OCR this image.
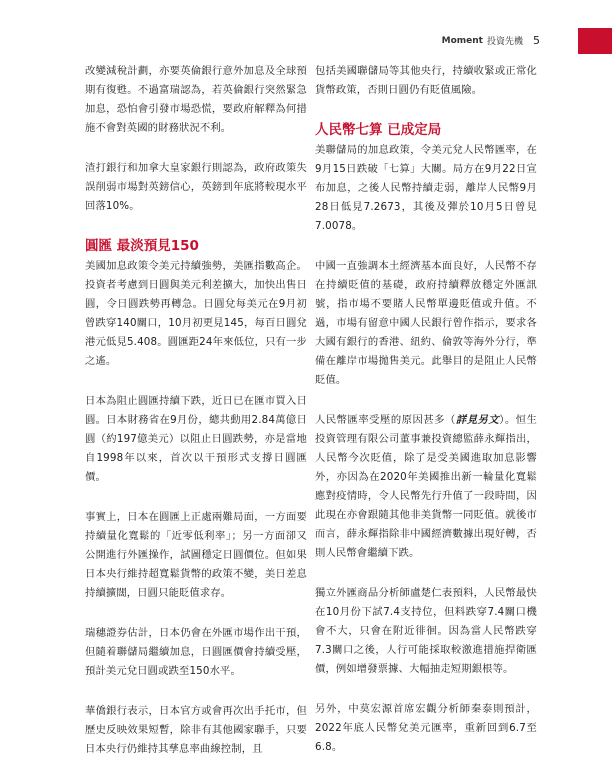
Moment 投資先機 5

改變減稅計劃，亦要英倫銀行意外加息及全球預期有復甦。不過富瑞認為，若英倫銀行突然緊急加息，恐怕會引發市場恐慌，要政府解釋為何措施不會對英國的財務狀況不利。

渣打銀行和加拿大皇家銀行則認為，政府政策失誤削弱市場對英鎊信心，英鎊到年底將較現水平回落10%。

圓匯 最淡預見150

美國加息政策令美元持續強勢，美匯指數高企。投資者考慮到日圓與美元利差擴大，加快出售日圓，令日圓跌勢再轉急。日圓兌每美元在9月初曾跌穿140關口，10月初更見145，每百日圓兌港元低見5.408。圓匯距24年來低位，只有一步之遙。

日本為阻止圓匯持續下跌，近日已在匯市買入日圓。日本財務省在9月份，總共動用2.84萬億日圓（約197億美元）以阻止日圓跌勢，亦是當地自1998年以來，首次以干預形式支撐日圓匯價。

事實上，日本在圓匯上正處兩難局面，一方面要持續量化寬鬆的「近零低利率」；另一方面卻又公開進行外匯操作，試圖穩定日圓價位。但如果日本央行維持超寬鬆貨幣的政策不變，美日差息持續擴闊，日圓只能貶值求存。

瑞穗證券估計，日本仍會在外匯市場作出干預，但隨着聯儲局繼續加息，日圓匯價會持續受壓，預計美元兌日圓或跌至150水平。

華僑銀行表示，日本官方或會再次出手托市，但歷史反映效果短暫，除非有其他國家聯手，只要日本央行仍維持其孳息率曲線控制，且

包括美國聯儲局等其他央行，持續收緊或正常化貨幣政策，否則日圓仍有貶值風險。

人民幣七算 已成定局

美聯儲局的加息政策，令美元兌人民幣匯率，在9月15日跌破「七算」大關。局方在9月22日宣布加息，之後人民幣持續走弱，離岸人民幣9月28日低見7.2673，其後及彈於10月5日曾見7.0078。

中國一直強調本土經濟基本面良好，人民幣不存在持續貶值的基礎，政府持續釋放穩定外匯訊號，指市場不要賭人民幣單邊貶值或升值。不過，市場有留意中國人民銀行曾作指示，要求各大國有銀行的香港、紐約、倫敦等海外分行，準備在離岸市場拋售美元。此舉目的是阻止人民幣貶值。

人民幣匯率受壓的原因甚多（詳見另文）。恒生投資管理有限公司董事兼投資總監薛永輝指出，人民幣今次貶值，除了是受美國進取加息影響外，亦因為在2020年美國推出新一輪量化寬鬆應對疫情時，令人民幣先行升值了一段時間，因此現在亦會跟隨其他非美貨幣一同貶值。就後市而言，薛永輝指除非中國經濟數據出現好轉，否則人民幣會繼續下跌。

獨立外匯商品分析師盧楚仁表預料，人民幣最快在10月份下試7.4支持位，但料跌穿7.4關口機會不大，只會在附近徘徊。因為當人民幣跌穿7.3關口之後，人行可能採取較激進措施捍衛匯價，例如增發票據、大幅抽走短期銀根等。

另外，中莫宏源首席宏觀分析師秦泰則預計，2022年底人民幣兌美元匯率，重新回到6.7至6.8。
